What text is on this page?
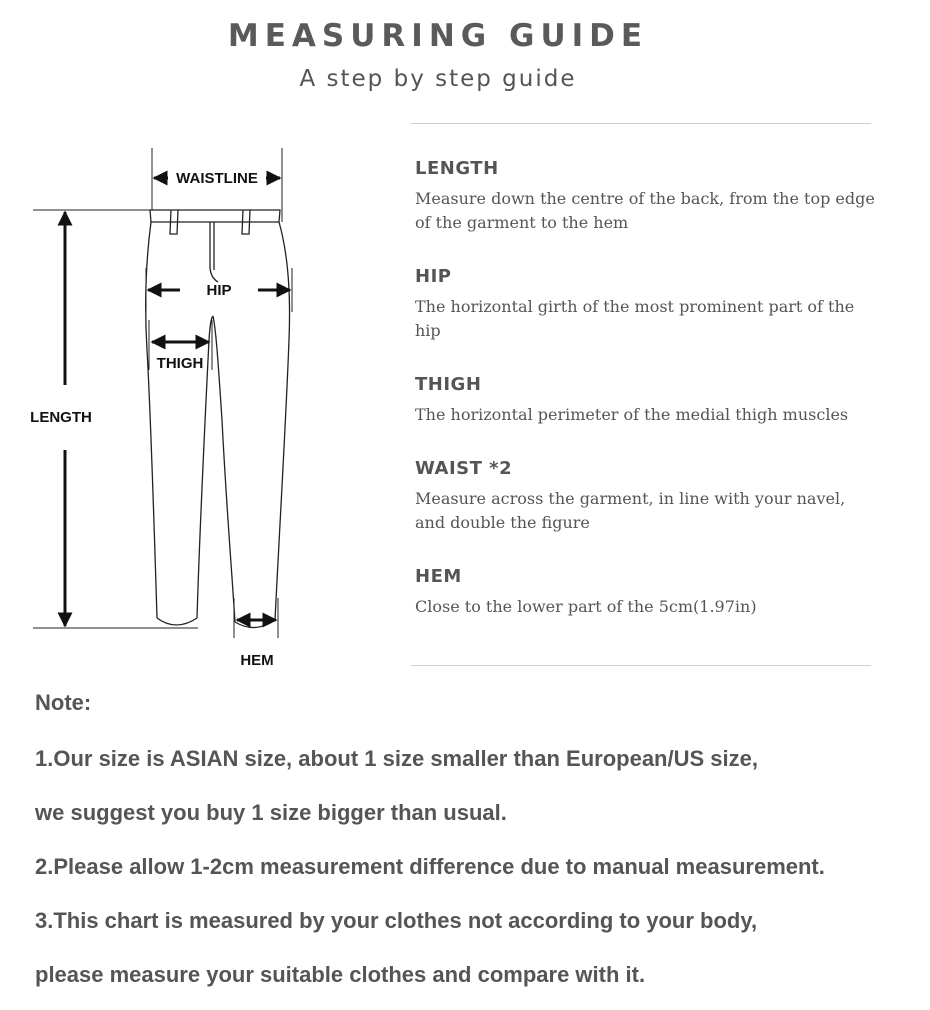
MEASURING GUIDE
A step by step guide
WAISTLINE
HIP
THIGH
LENGTH
HEM
LENGTH
Measure down the centre of the back, from the top edge of the garment to the hem
HIP
The horizontal girth of the most prominent part of the hip
THIGH
The horizontal perimeter of the medial thigh muscles
WAIST *2
Measure across the garment, in line with your navel, and double the figure
HEM
Close to the lower part of the 5cm(1.97in)
Note:
1.Our size is ASIAN size, about 1 size smaller than European/US size,
we suggest you buy 1 size bigger than usual.
2.Please allow 1-2cm measurement difference due to manual measurement.
3.This chart is measured by your clothes not according to your body,
please measure your suitable clothes and compare with it.
